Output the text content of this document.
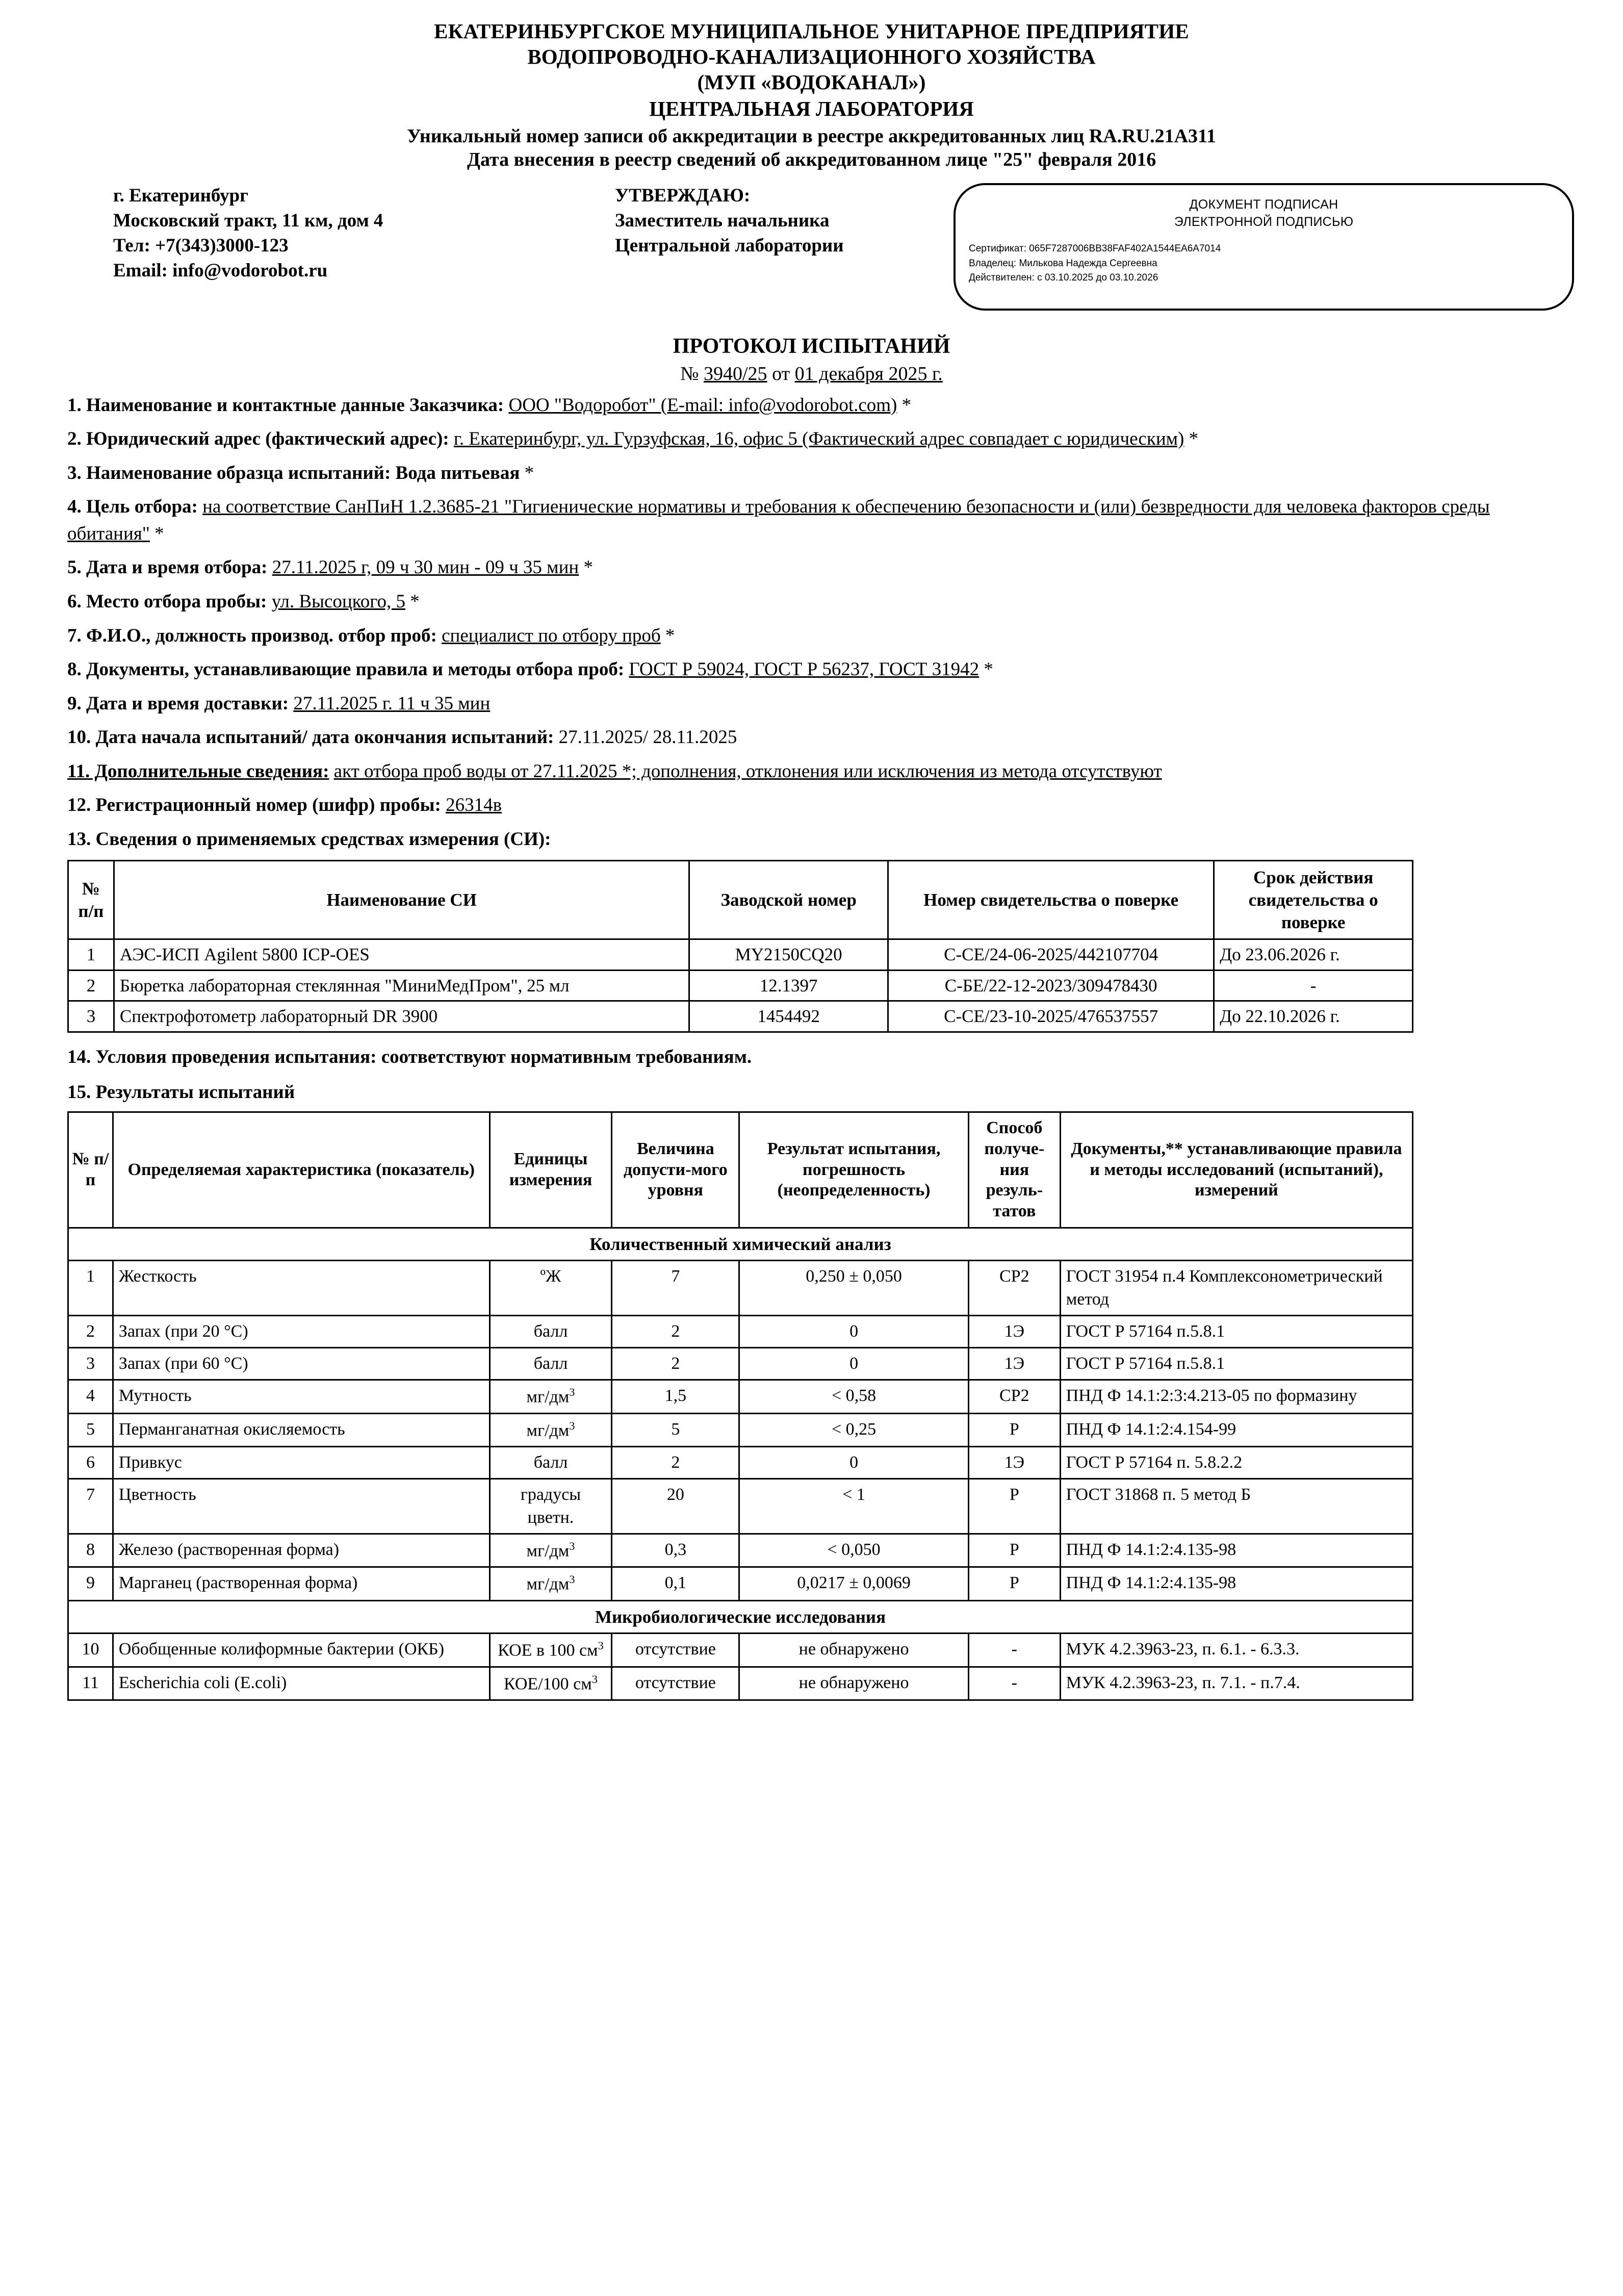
ЕКАТЕРИНБУРГСКОЕ МУНИЦИПАЛЬНОЕ УНИТАРНОЕ ПРЕДПРИЯТИЕ
ВОДОПРОВОДНО-КАНАЛИЗАЦИОННОГО ХОЗЯЙСТВА
(МУП «ВОДОКАНАЛ»)
ЦЕНТРАЛЬНАЯ ЛАБОРАТОРИЯ
Уникальный номер записи об аккредитации в реестре аккредитованных лиц RA.RU.21A311
Дата внесения в реестр сведений об аккредитованном лице "25" февраля 2016
г. Екатеринбург
Московский тракт, 11 км, дом 4
Тел: +7(343)3000-123
Email: info@vodorobot.ru
УТВЕРЖДАЮ:
Заместитель начальника
Центральной лаборатории
ДОКУМЕНТ ПОДПИСАН
ЭЛЕКТРОННОЙ ПОДПИСЬЮ
Сертификат: 065F7287006BB38FAF402A1544EA6A7014
Владелец: Милькова Надежда Сергеевна
Действителен: с 03.10.2025 до 03.10.2026
ПРОТОКОЛ ИСПЫТАНИЙ
№ 3940/25 от 01 декабря 2025 г.
1. Наименование и контактные данные Заказчика: ООО "Водоробот" (E-mail: info@vodorobot.com) *
2. Юридический адрес (фактический адрес): г. Екатеринбург, ул. Гурзуфская, 16, офис 5 (Фактический адрес совпадает с юридическим) *
3. Наименование образца испытаний: Вода питьевая *
4. Цель отбора: на соответствие СанПиН 1.2.3685-21 "Гигиенические нормативы и требования к обеспечению безопасности и (или) безвредности для человека факторов среды обитания" *
5. Дата и время отбора: 27.11.2025 г, 09 ч 30 мин - 09 ч 35 мин *
6. Место отбора пробы: ул. Высоцкого, 5 *
7. Ф.И.О., должность производ. отбор проб: специалист по отбору проб *
8. Документы, устанавливающие правила и методы отбора проб: ГОСТ Р 59024, ГОСТ Р 56237, ГОСТ 31942 *
9. Дата и время доставки: 27.11.2025 г. 11 ч 35 мин
10. Дата начала испытаний/ дата окончания испытаний: 27.11.2025/ 28.11.2025
11. Дополнительные сведения: акт отбора проб воды от 27.11.2025 *; дополнения, отклонения или исключения из метода отсутствуют
12. Регистрационный номер (шифр) пробы: 26314в
13. Сведения о применяемых средствах измерения (СИ):
№ п/п	Наименование СИ	Заводской номер	Номер свидетельства о поверке	Срок действия свидетельства о поверке
1	АЭС-ИСП Agilent 5800 ICP-OES	MY2150CQ20	С-СЕ/24-06-2025/442107704	До 23.06.2026 г.
2	Бюретка лабораторная стеклянная "МиниМедПром", 25 мл	12.1397	С-БЕ/22-12-2023/309478430	-
3	Спектрофотометр лабораторный DR 3900	1454492	С-СЕ/23-10-2025/476537557	До 22.10.2026 г.
14. Условия проведения испытания: соответствуют нормативным требованиям.
15. Результаты испытаний
№ п/п	Определяемая характеристика (показатель)	Единицы измерения	Величина допусти-мого уровня	Результат испытания, погрешность (неопределенность)	Способ получе-ния резуль-татов	Документы,** устанавливающие правила и методы исследований (испытаний), измерений
Количественный химический анализ						
1	Жесткость	ºЖ	7	0,250 ± 0,050	СР2	ГОСТ 31954 п.4 Комплексонометрический метод
2	Запах (при 20 °С)	балл	2	0	1Э	ГОСТ Р 57164 п.5.8.1
3	Запах (при 60 °С)	балл	2	0	1Э	ГОСТ Р 57164 п.5.8.1
4	Мутность	$мг/дм^3$	1,5	< 0,58	СР2	ПНД Ф 14.1:2:3:4.213-05 по формазину
5	Перманганатная окисляемость	$мг/дм^3$	5	< 0,25	Р	ПНД Ф 14.1:2:4.154-99
6	Привкус	балл	2	0	1Э	ГОСТ Р 57164 п. 5.8.2.2
7	Цветность	градусы цветн.	20	< 1	Р	ГОСТ 31868 п. 5 метод Б
8	Железо (растворенная форма)	$мг/дм^3$	0,3	< 0,050	Р	ПНД Ф 14.1:2:4.135-98
9	Марганец (растворенная форма)	$мг/дм^3$	0,1	0,0217 ± 0,0069	Р	ПНД Ф 14.1:2:4.135-98
Микробиологические исследования						
10	Обобщенные колиформные бактерии (ОКБ)	КОЕ в 100 $см^3$	отсутствие	не обнаружено	-	МУК 4.2.3963-23, п. 6.1. - 6.3.3.
11	Escherichia coli (E.coli)	КОЕ/100 $см^3$	отсутствие	не обнаружено	-	МУК 4.2.3963-23, п. 7.1. - п.7.4.
